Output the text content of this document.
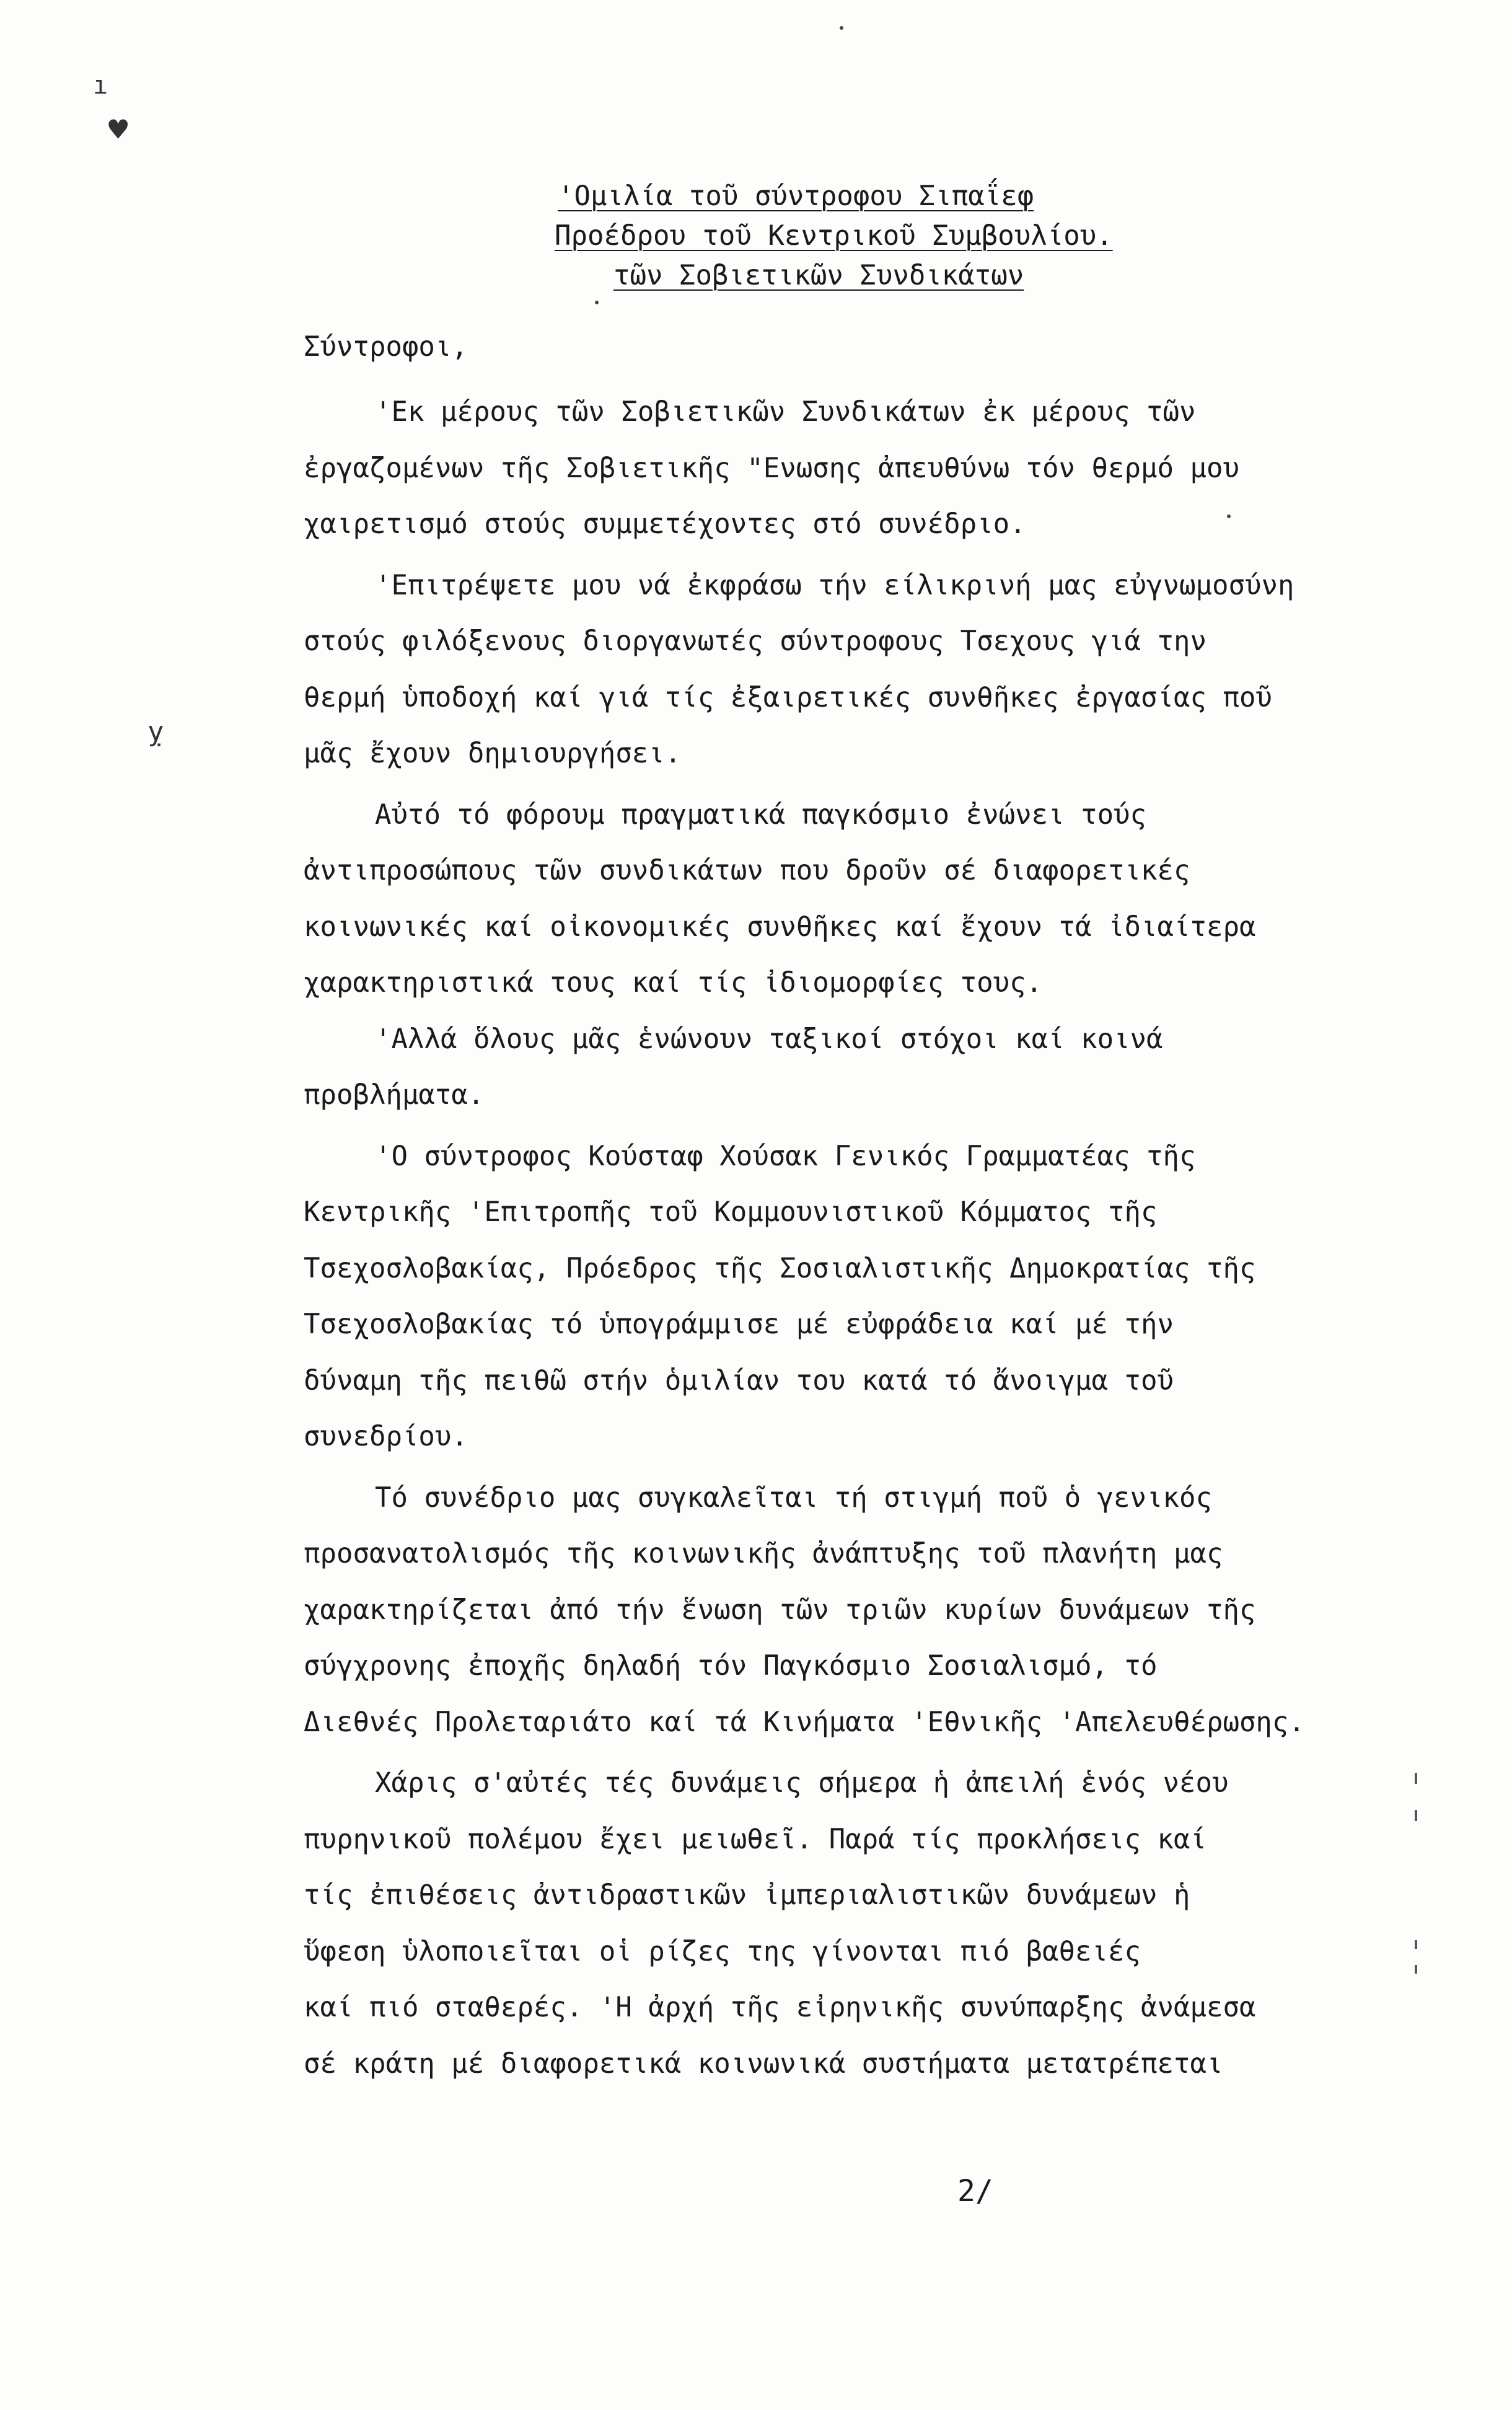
ı
♥
ỵ
'Ομιλία τοῦ σύντροφου Σιπαΐεφ
Προέδρου τοῦ Κεντρικοῦ Συμβουλίου.
τῶν Σοβιετικῶν Συνδικάτων
Σύντροφοι,
'Εκ μέρους τῶν Σοβιετικῶν Συνδικάτων ἐκ μέρους τῶν
ἐργαζομένων τῆς Σοβιετικῆς "Ενωσης ἀπευθύνω τόν θερμό μου
χαιρετισμό στούς συμμετέχοντες στό συνέδριο.
'Επιτρέψετε μου νά ἐκφράσω τήν είλικρινή μας εὐγνωμοσύνη
στούς φιλόξενους διοργανωτές σύντροφους Τσεχους γιά την
θερμή ὑποδοχή καί γιά τίς ἐξαιρετικές συνθῆκες ἐργασίας ποῦ
μᾶς ἔχουν δημιουργήσει.
Αὐτό τό φόρουμ πραγματικά παγκόσμιο ἐνώνει τούς
ἀντιπροσώπους τῶν συνδικάτων που δροῦν σέ διαφορετικές
κοινωνικές καί οἰκονομικές συνθῆκες καί ἔχουν τά ἰδιαίτερα
χαρακτηριστικά τους καί τίς ἰδιομορφίες τους.
'Αλλά ὅλους μᾶς ἑνώνουν ταξικοί στόχοι καί κοινά
προβλήματα.
'Ο σύντροφος Κούσταφ Χούσακ Γενικός Γραμματέας τῆς
Κεντρικῆς 'Επιτροπῆς τοῦ Κομμουνιστικοῦ Κόμματος τῆς
Τσεχοσλοβακίας, Πρόεδρος τῆς Σοσιαλιστικῆς Δημοκρατίας τῆς
Τσεχοσλοβακίας τό ὑπογράμμισε μέ εὐφράδεια καί μέ τήν
δύναμη τῆς πειθῶ στήν ὁμιλίαν του κατά τό ἄνοιγμα τοῦ
συνεδρίου.
Τό συνέδριο μας συγκαλεῖται τή στιγμή ποῦ ὁ γενικός
προσανατολισμός τῆς κοινωνικῆς ἀνάπτυξης τοῦ πλανήτη μας
χαρακτηρίζεται ἀπό τήν ἕνωση τῶν τριῶν κυρίων δυνάμεων τῆς
σύγχρονης ἐποχῆς δηλαδή τόν Παγκόσμιο Σοσιαλισμό, τό
Διεθνές Προλεταριάτο καί τά Κινήματα 'Εθνικῆς 'Απελευθέρωσης.
Χάρις σ'αὐτές τές δυνάμεις σήμερα ἡ ἀπειλή ἑνός νέου
πυρηνικοῦ πολέμου ἔχει μειωθεῖ. Παρά τίς προκλήσεις καί
τίς ἐπιθέσεις ἀντιδραστικῶν ἰμπεριαλιστικῶν δυνάμεων ἡ
ὕφεση ὑλοποιεῖται οἱ ρίζες της γίνονται πιό βαθειές
καί πιό σταθερές. 'Η ἀρχή τῆς εἰρηνικῆς συνύπαρξης ἀνάμεσα
σέ κράτη μέ διαφορετικά κοινωνικά συστήματα μετατρέπεται
2/
